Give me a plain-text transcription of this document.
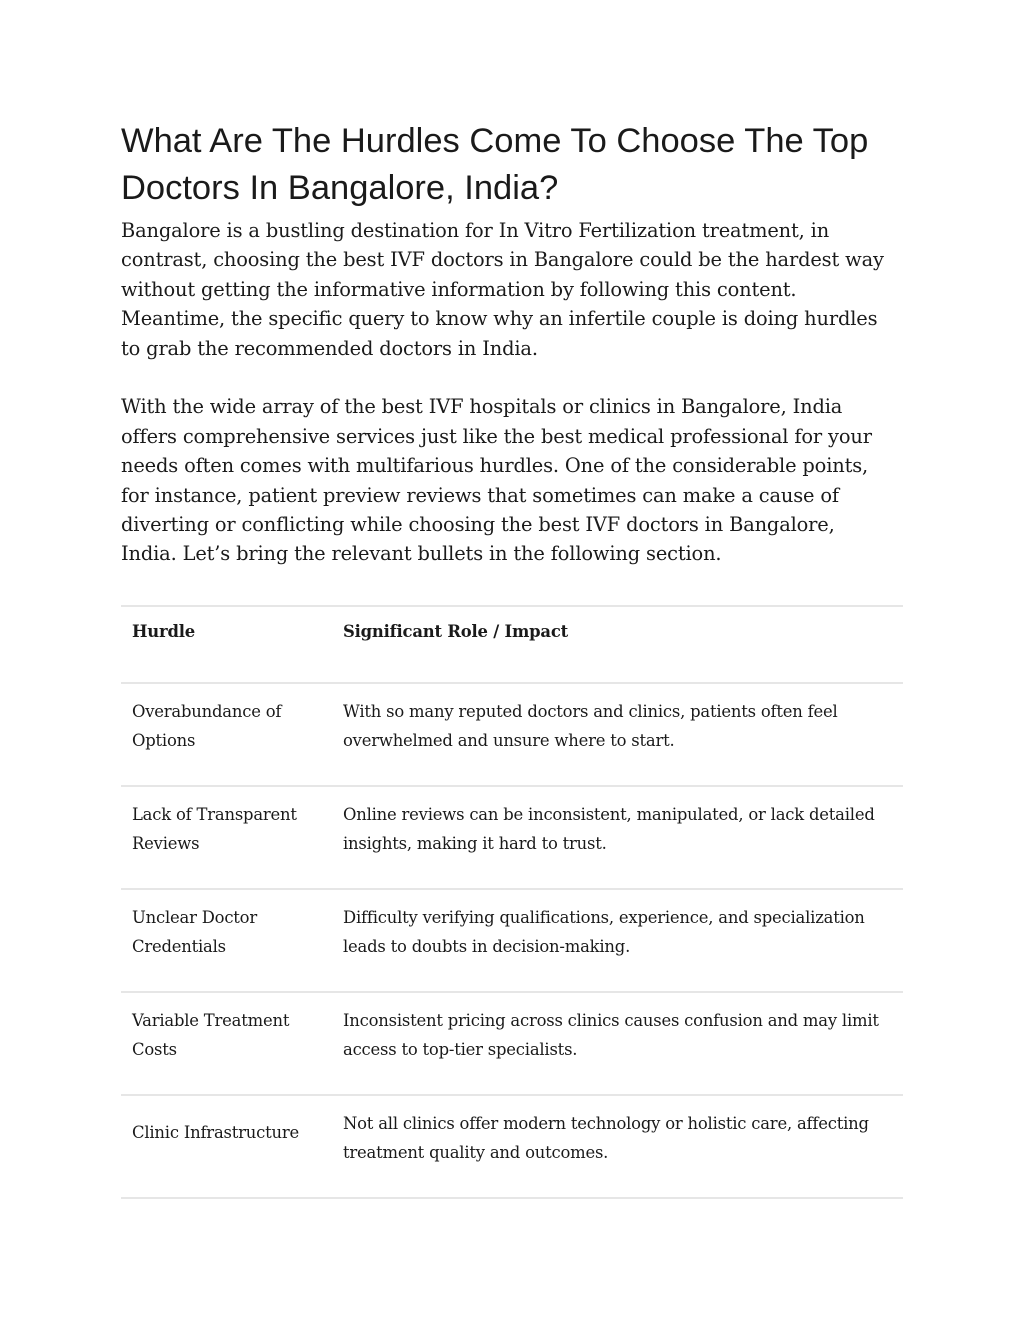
What Are The Hurdles Come To Choose The Top
Doctors In Bangalore, India?

Bangalore is a bustling destination for In Vitro Fertilization treatment, in
contrast, choosing the best IVF doctors in Bangalore could be the hardest way
without getting the informative information by following this content.
Meantime, the specific query to know why an infertile couple is doing hurdles
to grab the recommended doctors in India.

With the wide array of the best IVF hospitals or clinics in Bangalore, India
offers comprehensive services just like the best medical professional for your
needs often comes with multifarious hurdles. One of the considerable points,
for instance, patient preview reviews that sometimes can make a cause of
diverting or conflicting while choosing the best IVF doctors in Bangalore,
India. Let’s bring the relevant bullets in the following section.

Hurdle	Significant Role / Impact

Overabundance of
Options	With so many reputed doctors and clinics, patients often feel
overwhelmed and unsure where to start.

Lack of Transparent
Reviews	Online reviews can be inconsistent, manipulated, or lack detailed
insights, making it hard to trust.

Unclear Doctor
Credentials	Difficulty verifying qualifications, experience, and specialization
leads to doubts in decision-making.

Variable Treatment
Costs	Inconsistent pricing across clinics causes confusion and may limit
access to top-tier specialists.

Clinic Infrastructure	Not all clinics offer modern technology or holistic care, affecting
treatment quality and outcomes.
